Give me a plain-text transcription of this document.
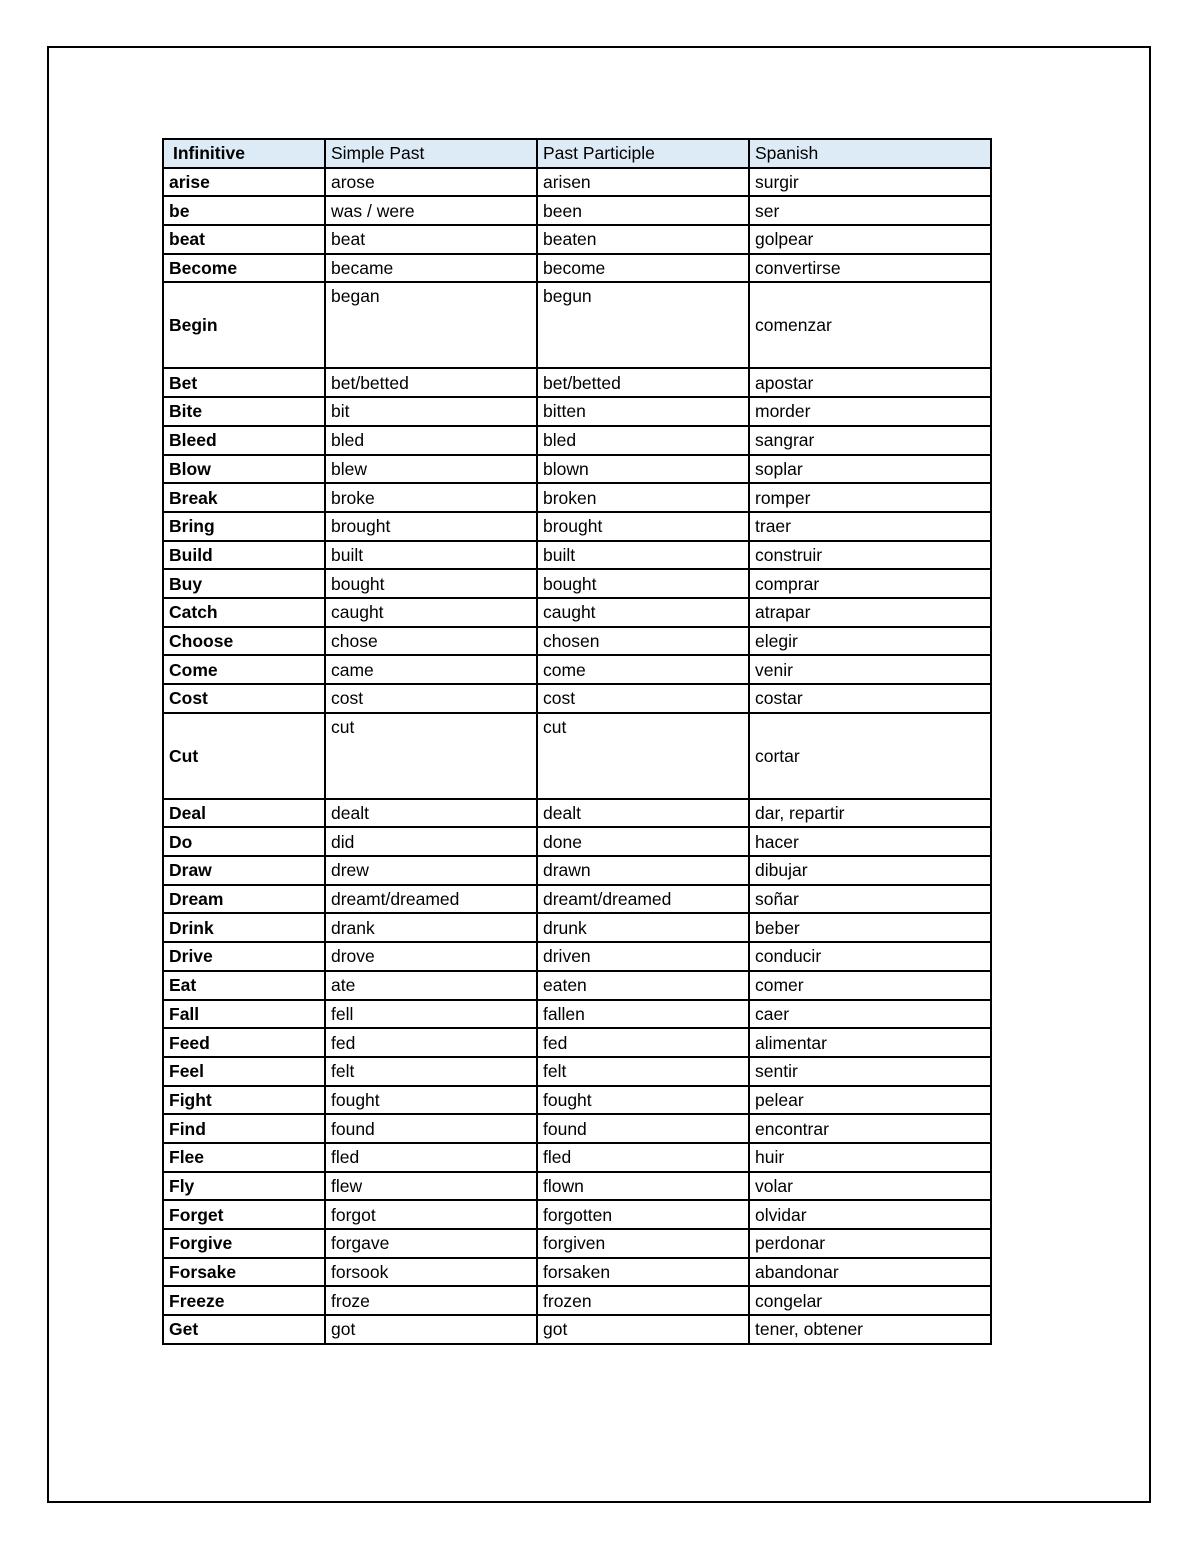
Infinitive	Simple Past	Past Participle	Spanish
arise	arose	arisen	surgir
be	was / were	been	ser
beat	beat	beaten	golpear
Become	became	become	convertirse
Begin	began	begun	comenzar
Bet	bet/betted	bet/betted	apostar
Bite	bit	bitten	morder
Bleed	bled	bled	sangrar
Blow	blew	blown	soplar
Break	broke	broken	romper
Bring	brought	brought	traer
Build	built	built	construir
Buy	bought	bought	comprar
Catch	caught	caught	atrapar
Choose	chose	chosen	elegir
Come	came	come	venir
Cost	cost	cost	costar
Cut	cut	cut	cortar
Deal	dealt	dealt	dar, repartir
Do	did	done	hacer
Draw	drew	drawn	dibujar
Dream	dreamt/dreamed	dreamt/dreamed	soñar
Drink	drank	drunk	beber
Drive	drove	driven	conducir
Eat	ate	eaten	comer
Fall	fell	fallen	caer
Feed	fed	fed	alimentar
Feel	felt	felt	sentir
Fight	fought	fought	pelear
Find	found	found	encontrar
Flee	fled	fled	huir
Fly	flew	flown	volar
Forget	forgot	forgotten	olvidar
Forgive	forgave	forgiven	perdonar
Forsake	forsook	forsaken	abandonar
Freeze	froze	frozen	congelar
Get	got	got	tener, obtener
